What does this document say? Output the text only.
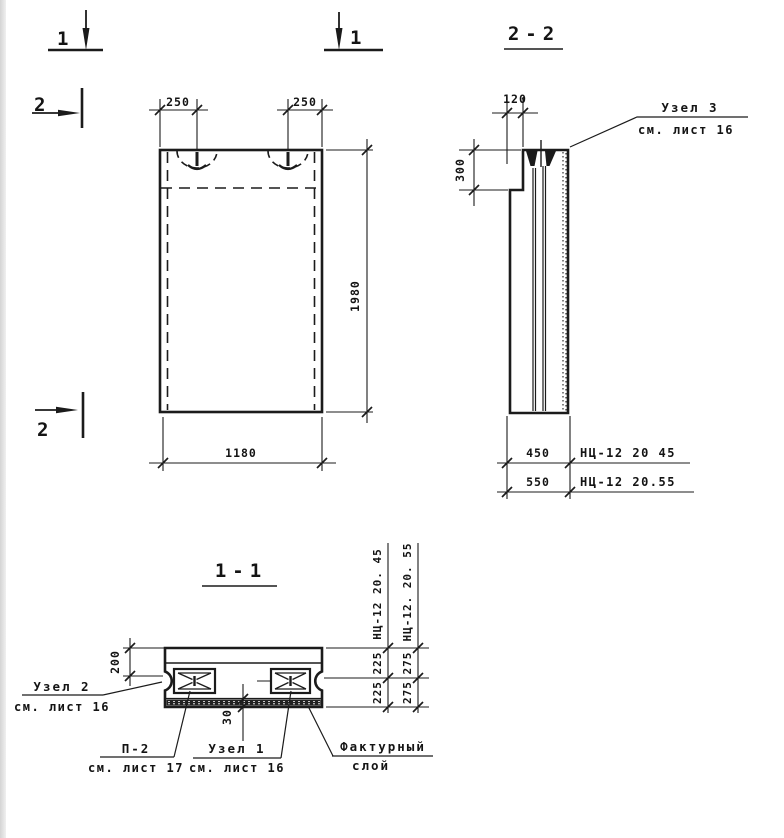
1	1
2
2
250	250
1980
1180
2-2
120
300
Узел 3
см. лист 16
450	НЦ-12 20 45
550	НЦ-12 20.55
1-1
200
30
225
225
275
275
НЦ-12 20. 45 НЦ-12. 20. 55
Узел 2
см. лист 16
П-2
см. лист 17
Узел 1
см. лист 16
Фактурный
слой
